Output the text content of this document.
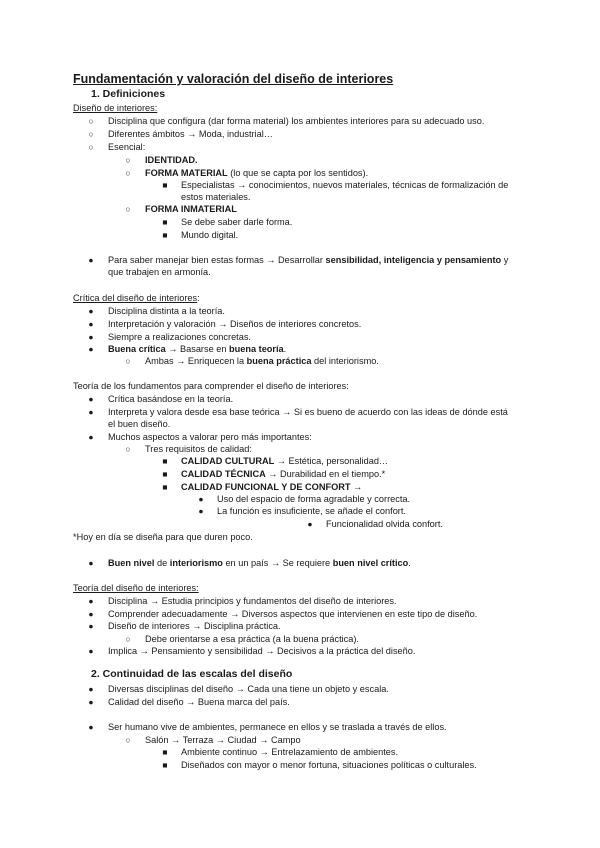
Fundamentación y valoración del diseño de interiores
1. Definiciones
Diseño de interiores:
○ Disciplina que configura (dar forma material) los ambientes interiores para su adecuado uso.
○ Diferentes ámbitos → Moda, industrial…
○ Esencial:
○ IDENTIDAD.
○ FORMA MATERIAL (lo que se capta por los sentidos).
■ Especialistas → conocimientos, nuevos materiales, técnicas de formalización de
estos materiales.
○ FORMA INMATERIAL
■ Se debe saber darle forma.
■ Mundo digital.
● Para saber manejar bien estas formas → Desarrollar sensibilidad, inteligencia y pensamiento y
que trabajen en armonía.
Crítica del diseño de interiores:
● Disciplina distinta a la teoría.
● Interpretación y valoración → Diseños de interiores concretos.
● Siempre a realizaciones concretas.
● Buena crítica → Basarse en buena teoría.
○ Ambas → Enriquecen la buena práctica del interiorismo.
Teoría de los fundamentos para comprender el diseño de interiores:
● Crítica basándose en la teoría.
● Interpreta y valora desde esa base teórica → Si es bueno de acuerdo con las ideas de dónde está
el buen diseño.
● Muchos aspectos a valorar pero más importantes:
○ Tres requisitos de calidad:
■ CALIDAD CULTURAL → Estética, personalidad…
■ CALIDAD TÉCNICA → Durabilidad en el tiempo.*
■ CALIDAD FUNCIONAL Y DE CONFORT →
● Uso del espacio de forma agradable y correcta.
● La función es insuficiente, se añade el confort.
● Funcionalidad olvida confort.
*Hoy en día se diseña para que duren poco.
● Buen nivel de interiorismo en un país → Se requiere buen nivel crítico.
Teoría del diseño de interiores:
● Disciplina → Estudia principios y fundamentos del diseño de interiores.
● Comprender adecuadamente → Diversos aspectos que intervienen en este tipo de diseño.
● Diseño de interiores → Disciplina práctica.
○ Debe orientarse a esa práctica (a la buena práctica).
● Implica → Pensamiento y sensibilidad → Decisivos a la práctica del diseño.
2. Continuidad de las escalas del diseño
● Diversas disciplinas del diseño → Cada una tiene un objeto y escala.
● Calidad del diseño → Buena marca del país.
● Ser humano vive de ambientes, permanece en ellos y se traslada a través de ellos.
○ Salón → Terraza → Ciudad → Campo
■ Ambiente continuo → Entrelazamiento de ambientes.
■ Diseñados con mayor o menor fortuna, situaciones políticas o culturales.
